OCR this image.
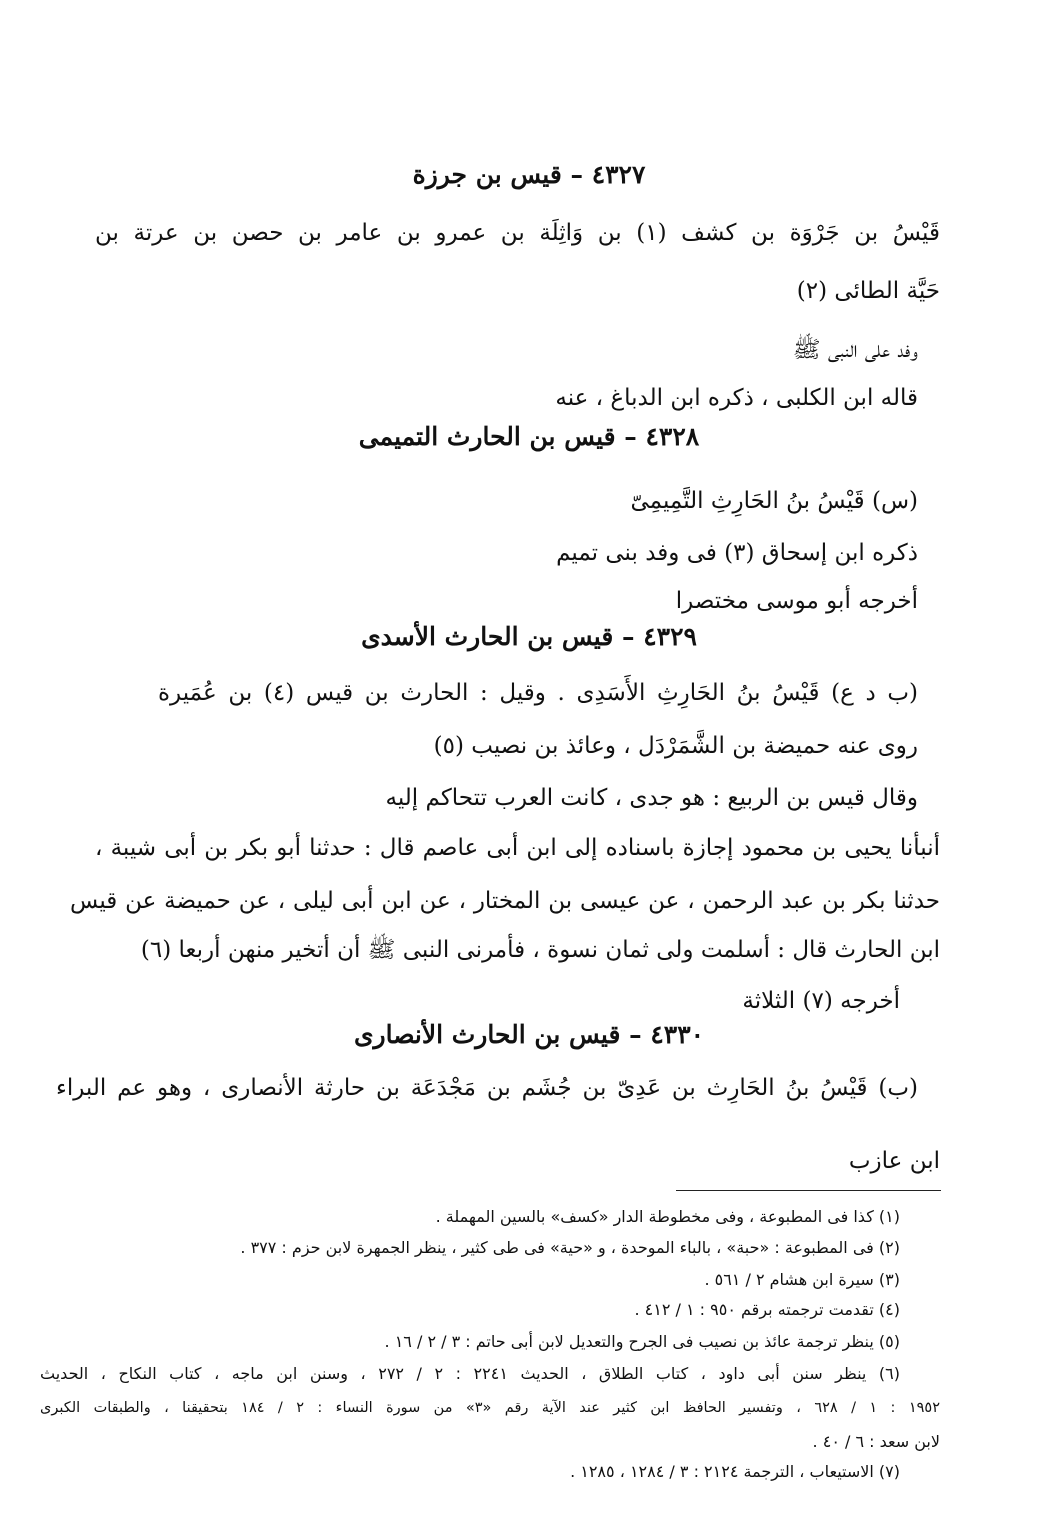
٤٣٢٧ – قيس بن جرزة
قَيْسُ بن جَرْوَة بن كشف (١) بن وَاثِلَة بن عمرو بن عامر بن حصن بن عرتة بن
حَيَّة الطائى (٢)
وفد على النبى ﷺ
قاله ابن الكلبى ، ذكره ابن الدباغ ، عنه
٤٣٢٨ – قيس بن الحارث التميمى
(س) قَيْسُ بنُ الحَارِثِ التَّمِيمِىّ
ذكره ابن إسحاق (٣) فى وفد بنى تميم
أخرجه أبو موسى مختصرا
٤٣٢٩ – قيس بن الحارث الأسدى
(ب د ع) قَيْسُ بنُ الحَارِثِ الأَسَدِى . وقيل : الحارث بن قيس (٤) بن عُمَيرة
روى عنه حميضة بن الشَّمَرْدَل ، وعائذ بن نصيب (٥)
وقال قيس بن الربيع : هو جدى ، كانت العرب تتحاكم إليه
أنبأنا يحيى بن محمود إجازة باسناده إلى ابن أبى عاصم قال : حدثنا أبو بكر بن أبى شيبة ،
حدثنا بكر بن عبد الرحمن ، عن عيسى بن المختار ، عن ابن أبى ليلى ، عن حميضة عن قيس
ابن الحارث قال : أسلمت ولى ثمان نسوة ، فأمرنى النبى ﷺ أن أتخير منهن أربعا (٦)
أخرجه (٧) الثلاثة
٤٣٣٠ – قيس بن الحارث الأنصارى
(ب) قَيْسُ بنُ الحَارِث بن عَدِىّ بن جُشَم بن مَجْدَعَة بن حارثة الأنصارى ، وهو عم البراء
ابن عازب
(١) كذا فى المطبوعة ، وفى مخطوطة الدار «كسف» بالسين المهملة .
(٢) فى المطبوعة : «حبة» ، بالباء الموحدة ، و «حية» فى طى كثير ، ينظر الجمهرة لابن حزم : ٣٧٧ .
(٣) سيرة ابن هشام ٢ / ٥٦١ .
(٤) تقدمت ترجمته برقم ٩٥٠ : ١ / ٤١٢ .
(٥) ينظر ترجمة عائذ بن نصيب فى الجرح والتعديل لابن أبى حاتم : ٣ / ٢ / ١٦ .
(٦) ينظر سنن أبى داود ، كتاب الطلاق ، الحديث ٢٢٤١ : ٢ / ٢٧٢ ، وسنن ابن ماجه ، كتاب النكاح ، الحديث
١٩٥٢ : ١ / ٦٢٨ ، وتفسير الحافظ ابن كثير عند الآية رقم «٣» من سورة النساء : ٢ / ١٨٤ بتحقيقنا ، والطبقات الكبرى
لابن سعد : ٦ / ٤٠ .
(٧) الاستيعاب ، الترجمة ٢١٢٤ : ٣ / ١٢٨٤ ، ١٢٨٥ .
